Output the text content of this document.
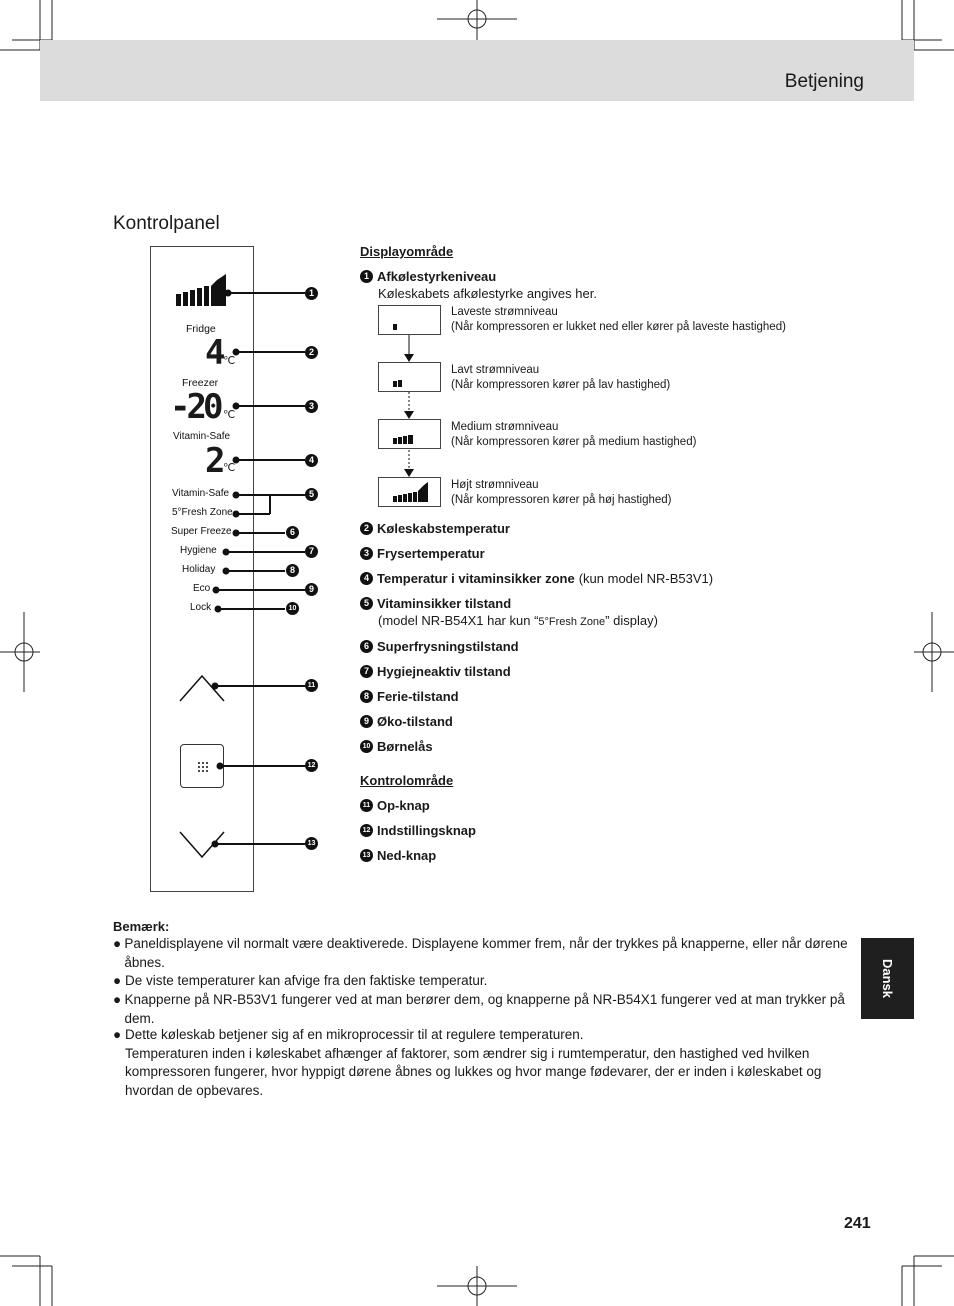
Betjening
Kontrolpanel
Fridge
4 ℃
Freezer
-20 ℃
Vitamin-Safe
2
℃
Vitamin-Safe
5°Fresh Zone
Super Freeze
Hygiene
Holiday
Eco
Lock
1
2
3
4
5
6
7
8
9
10
11
12
13
Displayområde
1 Afkølestyrkeniveau
Køleskabets afkølestyrke angives her.
Laveste strømniveau
(Når kompressoren er lukket ned eller kører på laveste hastighed)
Lavt strømniveau
(Når kompressoren kører på lav hastighed)
Medium strømniveau
(Når kompressoren kører på medium hastighed)
Højt strømniveau
(Når kompressoren kører på høj hastighed)
2 Køleskabstemperatur
3 Frysertemperatur
4 Temperatur i vitaminsikker zone (kun model NR-B53V1)
5 Vitaminsikker tilstand
(model NR-B54X1 har kun “5°Fresh Zone” display)
6 Superfrysningstilstand
7 Hygiejneaktiv tilstand
8 Ferie-tilstand
9 Øko-tilstand
10 Børnelås
Kontrolområde
11 Op-knap
12 Indstillingsknap
13 Ned-knap
Bemærk:
● Paneldisplayene vil normalt være deaktiverede. Displayene kommer frem, når der trykkes på knapperne, eller når dørene åbnes.
● De viste temperaturer kan afvige fra den faktiske temperatur.
● Knapperne på NR-B53V1 fungerer ved at man berører dem, og knapperne på NR-B54X1 fungerer ved at man trykker på dem.
● Dette køleskab betjener sig af en mikroprocessir til at regulere temperaturen.
Temperaturen inden i køleskabet afhænger af faktorer, som ændrer sig i rumtemperatur, den hastighed ved hvilken kompressoren fungerer, hvor hyppigt dørene åbnes og lukkes og hvor mange fødevarer, der er inden i køleskabet og hvordan de opbevares.
Dansk
241
